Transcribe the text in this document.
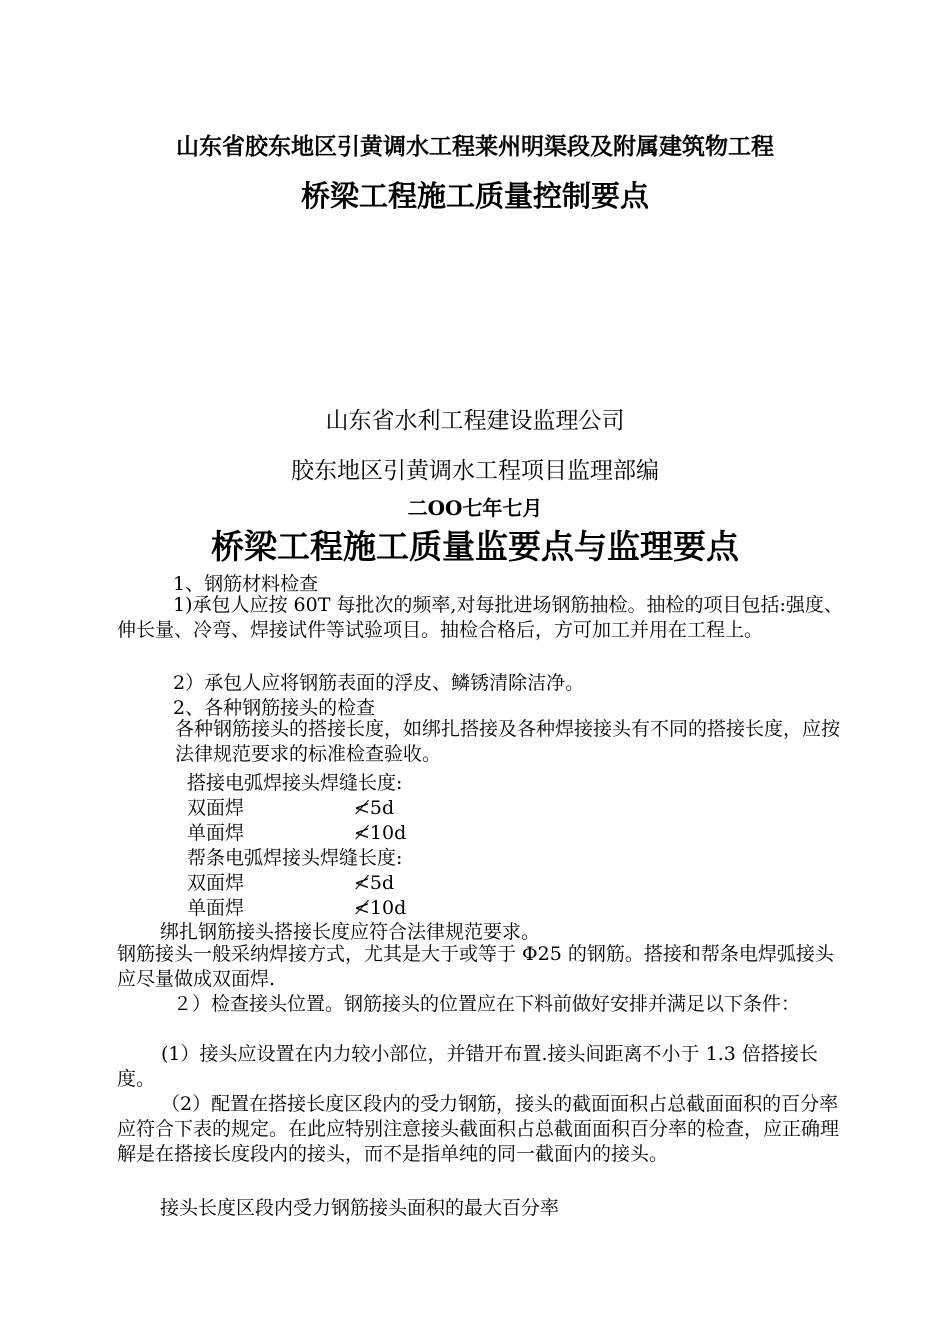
山东省胶东地区引黄调水工程莱州明渠段及附属建筑物工程
桥梁工程施工质量控制要点
山东省水利工程建设监理公司
胶东地区引黄调水工程项目监理部编
二OO七年七月
桥梁工程施工质量监要点与监理要点
1、钢筋材料检查
1)承包人应按 60T 每批次的频率,对每批进场钢筋抽检。抽检的项目包括:强度、伸长量、冷弯、焊接试件等试验项目。抽检合格后，方可加工并用在工程上。
2）承包人应将钢筋表面的浮皮、鳞锈清除洁净。
2、各种钢筋接头的检查
各种钢筋接头的搭接长度，如绑扎搭接及各种焊接接头有不同的搭接长度，应按法律规范要求的标准检查验收。
搭接电弧焊接头焊缝长度:
双面焊	≮5d
单面焊	≮10d
帮条电弧焊接头焊缝长度:
双面焊	≮5d
单面焊	≮10d
绑扎钢筋接头搭接长度应符合法律规范要求。
钢筋接头一般采纳焊接方式，尤其是大于或等于 Φ25 的钢筋。搭接和帮条电焊弧接头应尽量做成双面焊.
２）检查接头位置。钢筋接头的位置应在下料前做好安排并满足以下条件：
(1）接头应设置在内力较小部位，并错开布置.接头间距离不小于 1.3 倍搭接长度。
（2）配置在搭接长度区段内的受力钢筋，接头的截面面积占总截面面积的百分率应符合下表的规定。在此应特别注意接头截面积占总截面面积百分率的检查，应正确理解是在搭接长度段内的接头，而不是指单纯的同一截面内的接头。
接头长度区段内受力钢筋接头面积的最大百分率
